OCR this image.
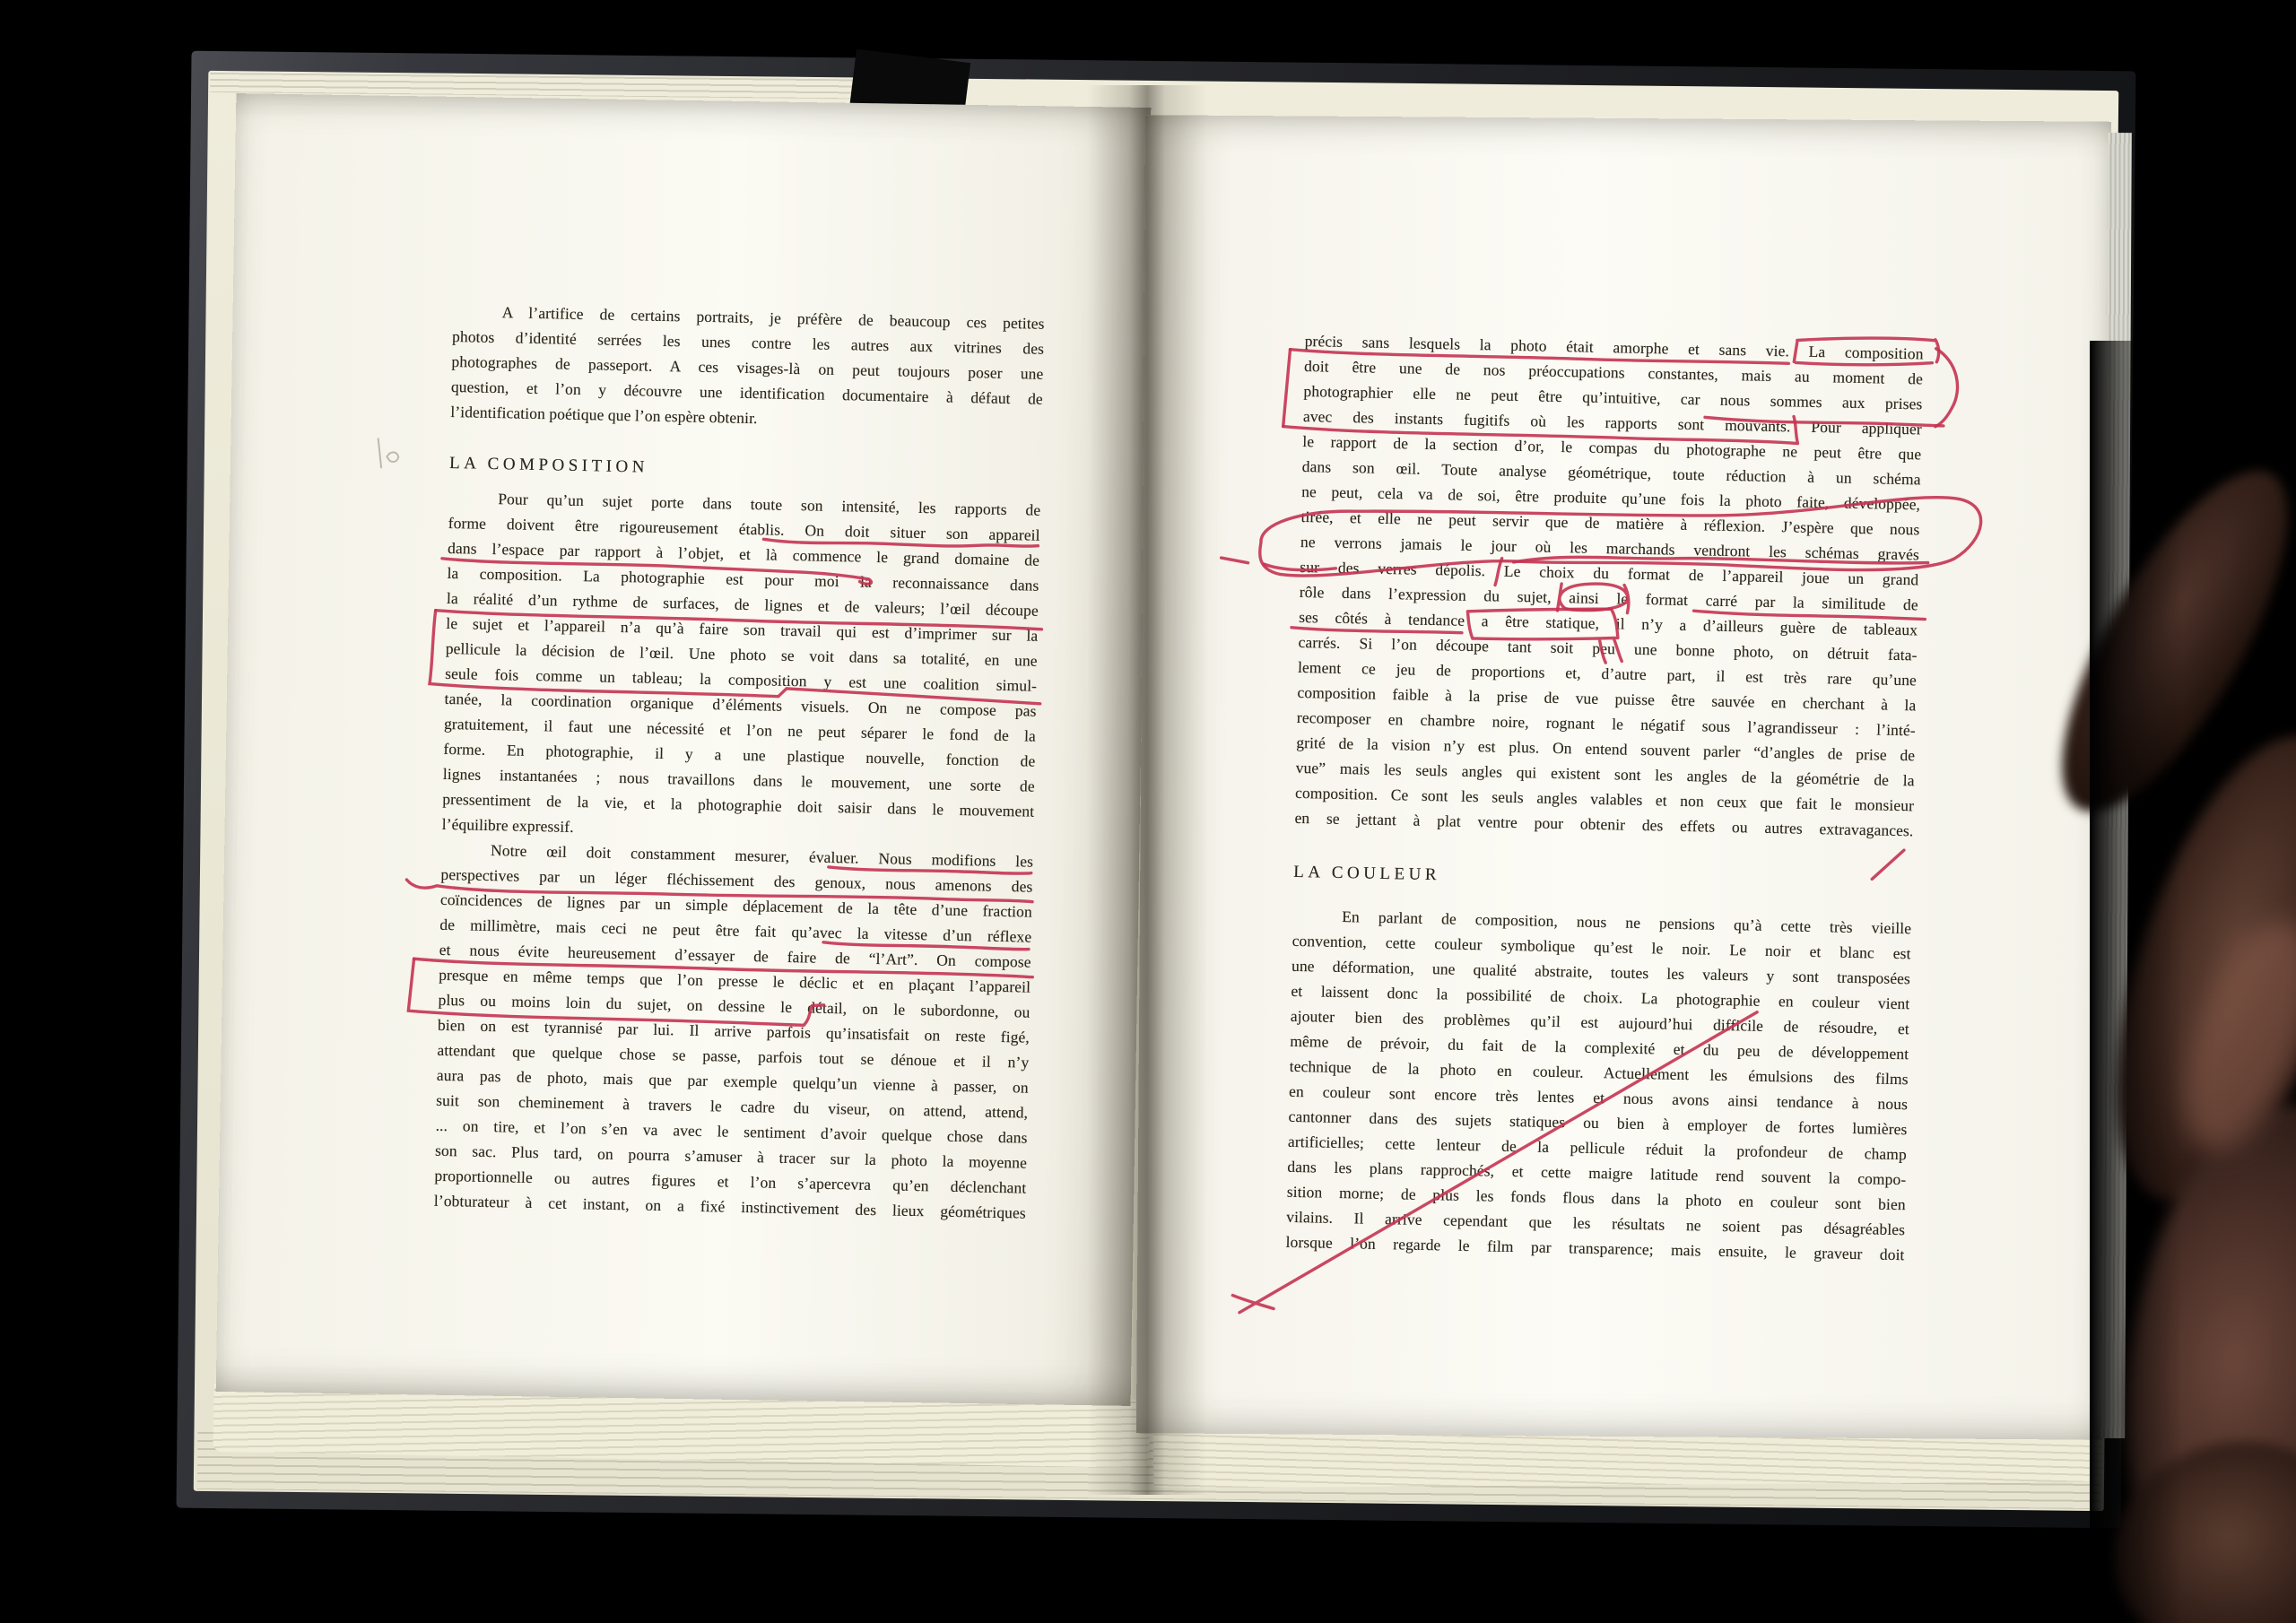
A l’artifice de certains portraits, je préfère de beaucoup ces petites
photos d’identité serrées les unes contre les autres aux vitrines des
photographes de passeport. A ces visages-là on peut toujours poser une
question, et l’on y découvre une identification documentaire à défaut de
l’identification poétique que l’on espère obtenir.
LA COMPOSITION
Pour qu’un sujet porte dans toute son intensité, les rapports de
forme doivent être rigoureusement établis. On doit situer son appareil
dans l’espace par rapport à l’objet, et là commence le grand domaine de
la composition. La photographie est pour moi la reconnaissance dans
la réalité d’un rythme de surfaces, de lignes et de valeurs; l’œil découpe
le sujet et l’appareil n’a qu’à faire son travail qui est d’imprimer sur la
pellicule la décision de l’œil. Une photo se voit dans sa totalité, en une
seule fois comme un tableau; la composition y est une coalition simul-
tanée, la coordination organique d’éléments visuels. On ne compose pas
gratuitement, il faut une nécessité et l’on ne peut séparer le fond de la
forme. En photographie, il y a une plastique nouvelle, fonction de
lignes instantanées ; nous travaillons dans le mouvement, une sorte de
pressentiment de la vie, et la photographie doit saisir dans le mouvement
l’équilibre expressif.
Notre œil doit constamment mesurer, évaluer. Nous modifions les
perspectives par un léger fléchissement des genoux, nous amenons des
coïncidences de lignes par un simple déplacement de la tête d’une fraction
de millimètre, mais ceci ne peut être fait qu’avec la vitesse d’un réflexe
et nous évite heureusement d’essayer de faire de “l’Art”. On compose
presque en même temps que l’on presse le déclic et en plaçant l’appareil
plus ou moins loin du sujet, on dessine le détail, on le subordonne, ou
bien on est tyrannisé par lui. Il arrive parfois qu’insatisfait on reste figé,
attendant que quelque chose se passe, parfois tout se dénoue et il n’y
aura pas de photo, mais que par exemple quelqu’un vienne à passer, on
suit son cheminement à travers le cadre du viseur, on attend, attend,
... on tire, et l’on s’en va avec le sentiment d’avoir quelque chose dans
son sac. Plus tard, on pourra s’amuser à tracer sur la photo la moyenne
proportionnelle ou autres figures et l’on s’apercevra qu’en déclenchant
l’obturateur à cet instant, on a fixé instinctivement des lieux géométriques
précis sans lesquels la photo était amorphe et sans vie. La composition
doit être une de nos préoccupations constantes, mais au moment de
photographier elle ne peut être qu’intuitive, car nous sommes aux prises
avec des instants fugitifs où les rapports sont mouvants. Pour appliquer
le rapport de la section d’or, le compas du photographe ne peut être que
dans son œil. Toute analyse géométrique, toute réduction à un schéma
ne peut, cela va de soi, être produite qu’une fois la photo faite, développée,
tirée, et elle ne peut servir que de matière à réflexion. J’espère que nous
ne verrons jamais le jour où les marchands vendront les schémas gravés
sur des verres dépolis. Le choix du format de l’appareil joue un grand
rôle dans l’expression du sujet, ainsi le format carré par la similitude de
ses côtés à tendance a être statique, il n’y a d’ailleurs guère de tableaux
carrés. Si l’on découpe tant soit peu une bonne photo, on détruit fata-
lement ce jeu de proportions et, d’autre part, il est très rare qu’une
composition faible à la prise de vue puisse être sauvée en cherchant à la
recomposer en chambre noire, rognant le négatif sous l’agrandisseur : l’inté-
grité de la vision n’y est plus. On entend souvent parler “d’angles de prise de
vue” mais les seuls angles qui existent sont les angles de la géométrie de la
composition. Ce sont les seuls angles valables et non ceux que fait le monsieur
en se jettant à plat ventre pour obtenir des effets ou autres extravagances.
LA COULEUR
En parlant de composition, nous ne pensions qu’à cette très vieille
convention, cette couleur symbolique qu’est le noir. Le noir et blanc est
une déformation, une qualité abstraite, toutes les valeurs y sont transposées
et laissent donc la possibilité de choix. La photographie en couleur vient
ajouter bien des problèmes qu’il est aujourd’hui difficile de résoudre, et
même de prévoir, du fait de la complexité et du peu de développement
technique de la photo en couleur. Actuellement les émulsions des films
en couleur sont encore très lentes et nous avons ainsi tendance à nous
cantonner dans des sujets statiques ou bien à employer de fortes lumières
artificielles; cette lenteur de la pellicule réduit la profondeur de champ
dans les plans rapprochés, et cette maigre latitude rend souvent la compo-
sition morne; de plus les fonds flous dans la photo en couleur sont bien
vilains. Il arrive cependant que les résultats ne soient pas désagréables
lorsque l’on regarde le film par transparence; mais ensuite, le graveur doit
